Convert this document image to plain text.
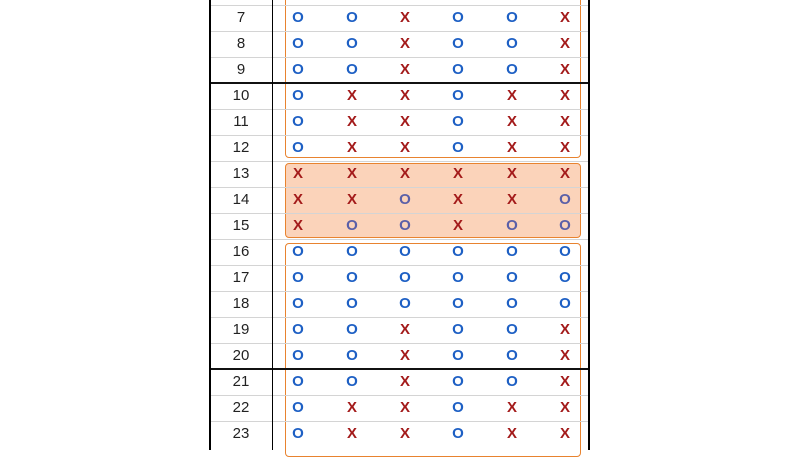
7	O	O	X	O	O	X
8	O	O	X	O	O	X
9	O	O	X	O	O	X
10	O	X	X	O	X	X
11	O	X	X	O	X	X
12	O	X	X	O	X	X
13	X	X	X	X	X	X
14	X	X	O	X	X	O
15	X	O	O	X	O	O
16	O	O	O	O	O	O
17	O	O	O	O	O	O
18	O	O	O	O	O	O
19	O	O	X	O	O	X
20	O	O	X	O	O	X
21	O	O	X	O	O	X
22	O	X	X	O	X	X
23	O	X	X	O	X	X
